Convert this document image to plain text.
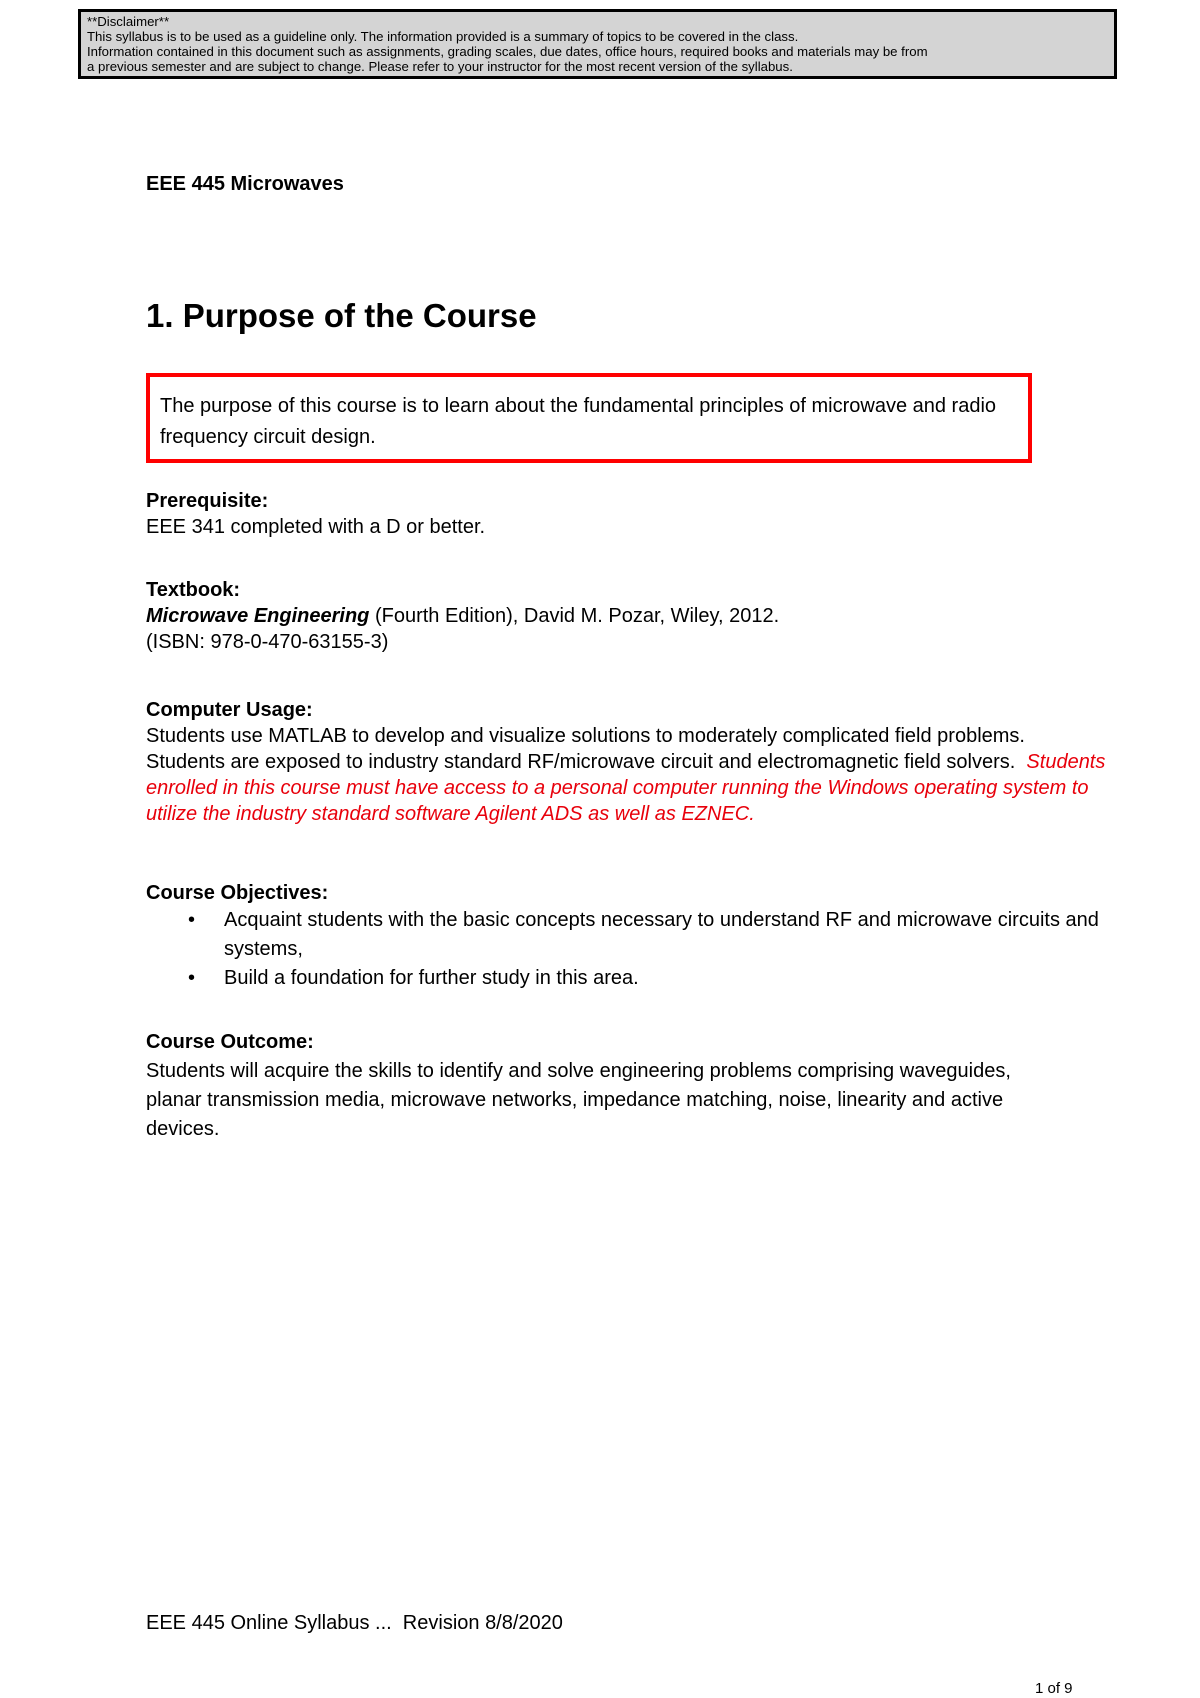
**Disclaimer**
This syllabus is to be used as a guideline only. The information provided is a summary of topics to be covered in the class.
Information contained in this document such as assignments, grading scales, due dates, office hours, required books and materials may be from
a previous semester and are subject to change. Please refer to your instructor for the most recent version of the syllabus.
EEE 445 Microwaves
1. Purpose of the Course
The purpose of this course is to learn about the fundamental principles of microwave and radio frequency circuit design.
Prerequisite:
EEE 341 completed with a D or better.
Textbook:
Microwave Engineering (Fourth Edition), David M. Pozar, Wiley, 2012.
(ISBN: 978-0-470-63155-3)
Computer Usage:
Students use MATLAB to develop and visualize solutions to moderately complicated field problems. Students are exposed to industry standard RF/microwave circuit and electromagnetic field solvers.  Students enrolled in this course must have access to a personal computer running the Windows operating system to utilize the industry standard software Agilent ADS as well as EZNEC.
Course Objectives:
• Acquaint students with the basic concepts necessary to understand RF and microwave circuits and systems,
• Build a foundation for further study in this area.
Course Outcome:
Students will acquire the skills to identify and solve engineering problems comprising waveguides, planar transmission media, microwave networks, impedance matching, noise, linearity and active devices.
EEE 445 Online Syllabus ...  Revision 8/8/2020
1 of 9
